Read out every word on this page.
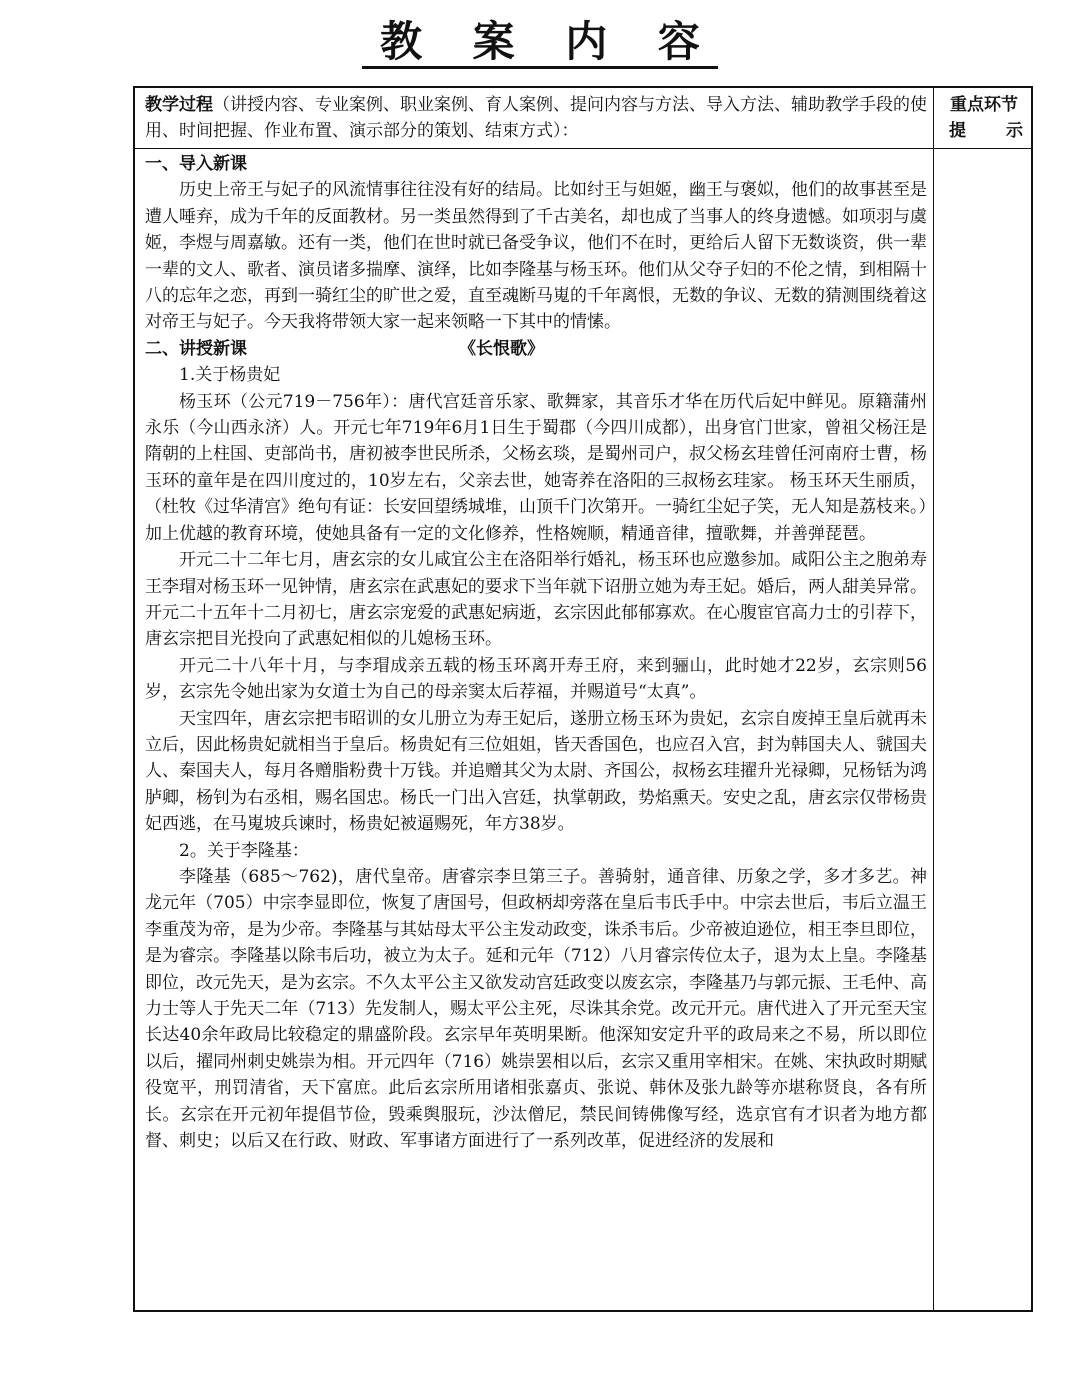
教 案 内 容
教学过程（讲授内容、专业案例、职业案例、育人案例、提问内容与方法、导入方法、辅助教学手段的使用、时间把握、作业布置、演示部分的策划、结束方式）：
重点环节
提 示

一、导入新课

历史上帝王与妃子的风流情事往往没有好的结局。比如纣王与妲姬，幽王与褒姒，他们的故事甚至是遭人唾弃，成为千年的反面教材。另一类虽然得到了千古美名，却也成了当事人的终身遗憾。如项羽与虞姬，李煜与周嘉敏。还有一类，他们在世时就已备受争议，他们不在时，更给后人留下无数谈资，供一辈一辈的文人、歌者、演员诸多揣摩、演绎，比如李隆基与杨玉环。他们从父夺子妇的不伦之情，到相隔十八的忘年之恋，再到一骑红尘的旷世之爱，直至魂断马嵬的千年离恨，无数的争议、无数的猜测围绕着这对帝王与妃子。今天我将带领大家一起来领略一下其中的情愫。

二、讲授新课	《长恨歌》

1.关于杨贵妃

杨玉环（公元719－756年）：唐代宫廷音乐家、歌舞家，其音乐才华在历代后妃中鲜见。原籍蒲州永乐（今山西永济）人。开元七年719年6月1日生于蜀郡（今四川成都），出身官门世家，曾祖父杨汪是隋朝的上柱国、吏部尚书，唐初被李世民所杀，父杨玄琰，是蜀州司户，叔父杨玄珪曾任河南府士曹，杨玉环的童年是在四川度过的，10岁左右，父亲去世，她寄养在洛阳的三叔杨玄珪家。 杨玉环天生丽质，（杜牧《过华清宫》绝句有证：长安回望绣城堆，山顶千门次第开。一骑红尘妃子笑，无人知是荔枝来。）加上优越的教育环境，使她具备有一定的文化修养，性格婉顺，精通音律，擅歌舞，并善弹琵琶。

开元二十二年七月，唐玄宗的女儿咸宜公主在洛阳举行婚礼，杨玉环也应邀参加。咸阳公主之胞弟寿王李瑁对杨玉环一见钟情，唐玄宗在武惠妃的要求下当年就下诏册立她为寿王妃。婚后，两人甜美异常。开元二十五年十二月初七，唐玄宗宠爱的武惠妃病逝，玄宗因此郁郁寡欢。在心腹宦官高力士的引荐下，唐玄宗把目光投向了武惠妃相似的儿媳杨玉环。

开元二十八年十月，与李瑁成亲五载的杨玉环离开寿王府，来到骊山，此时她才22岁，玄宗则56岁，玄宗先令她出家为女道士为自己的母亲窦太后荐福，并赐道号“太真”。

天宝四年，唐玄宗把韦昭训的女儿册立为寿王妃后，遂册立杨玉环为贵妃，玄宗自废掉王皇后就再未立后，因此杨贵妃就相当于皇后。杨贵妃有三位姐姐，皆天香国色，也应召入宫，封为韩国夫人、虢国夫人、秦国夫人，每月各赠脂粉费十万钱。并追赠其父为太尉、齐国公，叔杨玄珪擢升光禄卿，兄杨铦为鸿胪卿，杨钊为右丞相，赐名国忠。杨氏一门出入宫廷，执掌朝政，势焰熏天。安史之乱，唐玄宗仅带杨贵妃西逃，在马嵬坡兵谏时，杨贵妃被逼赐死，年方38岁。

2。关于李隆基：

李隆基（685～762)，唐代皇帝。唐睿宗李旦第三子。善骑射，通音律、历象之学，多才多艺。神龙元年（705）中宗李显即位，恢复了唐国号，但政柄却旁落在皇后韦氏手中。中宗去世后，韦后立温王李重茂为帝，是为少帝。李隆基与其姑母太平公主发动政变，诛杀韦后。少帝被迫逊位，相王李旦即位，是为睿宗。李隆基以除韦后功，被立为太子。延和元年（712）八月睿宗传位太子，退为太上皇。李隆基即位，改元先天，是为玄宗。不久太平公主又欲发动宫廷政变以废玄宗，李隆基乃与郭元振、王毛仲、高力士等人于先天二年（713）先发制人，赐太平公主死，尽诛其余党。改元开元。唐代进入了开元至天宝长达40余年政局比较稳定的鼎盛阶段。玄宗早年英明果断。他深知安定升平的政局来之不易，所以即位以后，擢同州刺史姚崇为相。开元四年（716）姚崇罢相以后，玄宗又重用宰相宋。在姚、宋执政时期赋役宽平，刑罚清省，天下富庶。此后玄宗所用诸相张嘉贞、张说、韩休及张九龄等亦堪称贤良，各有所长。玄宗在开元初年提倡节俭，毁乘舆服玩，沙汰僧尼，禁民间铸佛像写经，选京官有才识者为地方都督、刺史；以后又在行政、财政、军事诸方面进行了一系列改革，促进经济的发展和
